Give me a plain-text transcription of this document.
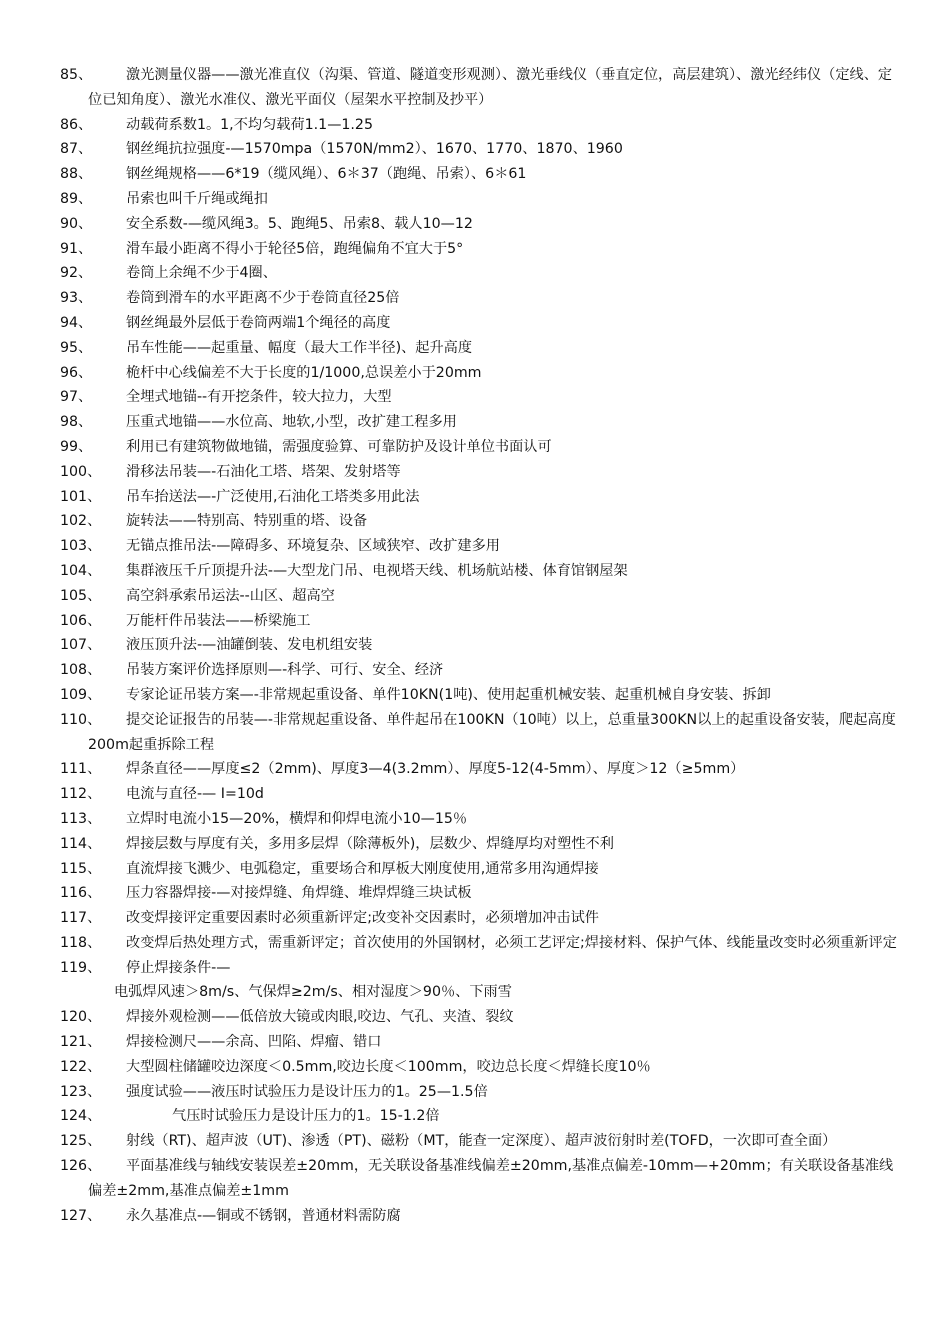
85、 激光测量仪器——激光准直仪（沟渠、管道、隧道变形观测）、激光垂线仪（垂直定位，高层建筑）、激光经纬仪（定线、定位已知角度）、激光水准仪、激光平面仪（屋架水平控制及抄平）
86、 动载荷系数1。1,不均匀载荷1.1—1.25
87、 钢丝绳抗拉强度-—1570mpa（1570N/mm2）、1670、1770、1870、1960
88、 钢丝绳规格——6*19（缆风绳）、6＊37（跑绳、吊索）、6＊61
89、 吊索也叫千斤绳或绳扣
90、 安全系数-—缆风绳3。5、跑绳5、吊索8、载人10—12
91、 滑车最小距离不得小于轮径5倍，跑绳偏角不宜大于5°
92、 卷筒上余绳不少于4圈、
93、 卷筒到滑车的水平距离不少于卷筒直径25倍
94、 钢丝绳最外层低于卷筒两端1个绳径的高度
95、 吊车性能——起重量、幅度（最大工作半径)、起升高度
96、 桅杆中心线偏差不大于长度的1/1000,总误差小于20mm
97、 全埋式地锚--有开挖条件，较大拉力，大型
98、 压重式地锚——水位高、地软,小型，改扩建工程多用
99、 利用已有建筑物做地锚，需强度验算、可靠防护及设计单位书面认可
100、 滑移法吊装—-石油化工塔、塔架、发射塔等
101、 吊车抬送法—-广泛使用,石油化工塔类多用此法
102、 旋转法——特别高、特别重的塔、设备
103、 无锚点推吊法-—障碍多、环境复杂、区域狭窄、改扩建多用
104、 集群液压千斤顶提升法-—大型龙门吊、电视塔天线、机场航站楼、体育馆钢屋架
105、 高空斜承索吊运法--山区、超高空
106、 万能杆件吊装法——桥梁施工
107、 液压顶升法-—油罐倒装、发电机组安装
108、 吊装方案评价选择原则—-科学、可行、安全、经济
109、 专家论证吊装方案—-非常规起重设备、单件10KN(1吨)、使用起重机械安装、起重机械自身安装、拆卸
110、 提交论证报告的吊装—-非常规起重设备、单件起吊在100KN（10吨）以上，总重量300KN以上的起重设备安装，爬起高度200m起重拆除工程
111、 焊条直径——厚度≤2（2mm)、厚度3—4(3.2mm）、厚度5-12(4-5mm）、厚度＞12（≥5mm）
112、 电流与直径-— I=10d
113、 立焊时电流小15—20%，横焊和仰焊电流小10—15％
114、 焊接层数与厚度有关，多用多层焊（除薄板外)，层数少、焊缝厚均对塑性不利
115、 直流焊接飞溅少、电弧稳定，重要场合和厚板大刚度使用,通常多用沟通焊接
116、 压力容器焊接-—对接焊缝、角焊缝、堆焊焊缝三块试板
117、 改变焊接评定重要因素时必须重新评定;改变补交因素时，必须增加冲击试件
118、 改变焊后热处理方式，需重新评定；首次使用的外国钢材，必须工艺评定;焊接材料、保护气体、线能量改变时必须重新评定
119、 停止焊接条件-—
电弧焊风速＞8m/s、气保焊≥2m/s、相对湿度＞90％、下雨雪
120、 焊接外观检测——低倍放大镜或肉眼,咬边、气孔、夹渣、裂纹
121、 焊接检测尺——余高、凹陷、焊瘤、错口
122、 大型圆柱储罐咬边深度＜0.5mm,咬边长度＜100mm，咬边总长度＜焊缝长度10％
123、 强度试验——液压时试验压力是设计压力的1。25—1.5倍
124、	气压时试验压力是设计压力的1。15-1.2倍
125、 射线（RT)、超声波（UT)、渗透（PT)、磁粉（MT，能查一定深度）、超声波衍射时差(TOFD，一次即可查全面）
126、 平面基准线与轴线安装误差±20mm，无关联设备基准线偏差±20mm,基准点偏差-10mm—+20mm；有关联设备基准线偏差±2mm,基准点偏差±1mm
127、 永久基准点-—铜或不锈钢，普通材料需防腐
